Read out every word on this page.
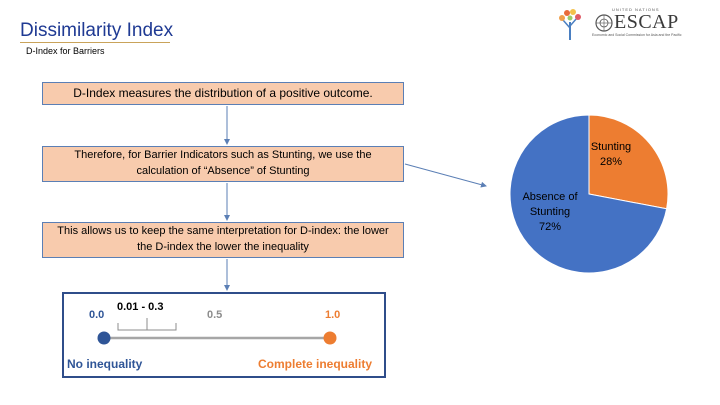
Dissimilarity Index
D-Index for Barriers
UNITED NATIONS
ESCAP
Economic and Social Commission for Asia and the Pacific
D-Index measures the distribution of a positive outcome.
Therefore, for Barrier Indicators such as Stunting, we use the calculation of “Absence” of Stunting
This allows us to keep the same interpretation for D-index: the lower the D-index the lower the inequality
0.0
0.01 - 0.3
0.5	1.0
No inequality	Complete inequality
Stunting
28%
Absence of Stunting
72%
